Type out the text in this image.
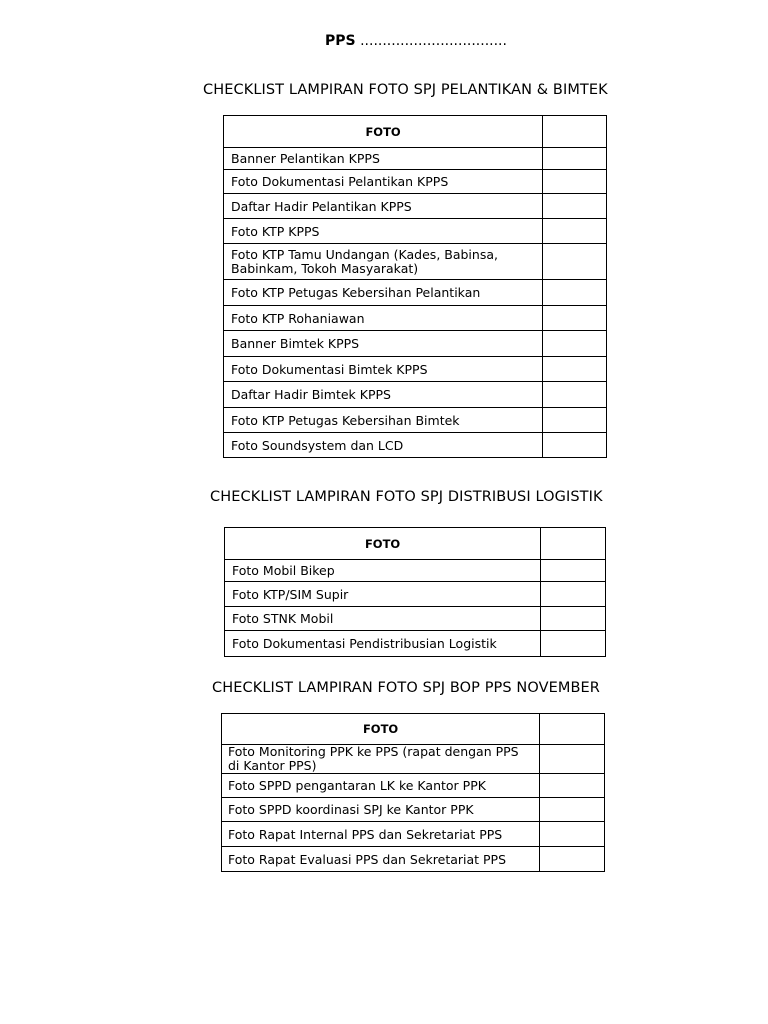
PPS .................................
CHECKLIST LAMPIRAN FOTO SPJ PELANTIKAN & BIMTEK
FOTO	
Banner Pelantikan KPPS	
Foto Dokumentasi Pelantikan KPPS	
Daftar Hadir Pelantikan KPPS	
Foto KTP KPPS	
Foto KTP Tamu Undangan (Kades, Babinsa, Babinkam, Tokoh Masyarakat)	
Foto KTP Petugas Kebersihan Pelantikan	
Foto KTP Rohaniawan	
Banner Bimtek KPPS	
Foto Dokumentasi Bimtek KPPS	
Daftar Hadir Bimtek KPPS	
Foto KTP Petugas Kebersihan Bimtek	
Foto Soundsystem dan LCD	
CHECKLIST LAMPIRAN FOTO SPJ DISTRIBUSI LOGISTIK
FOTO	
Foto Mobil Bikep	
Foto KTP/SIM Supir	
Foto STNK Mobil	
Foto Dokumentasi Pendistribusian Logistik	
CHECKLIST LAMPIRAN FOTO SPJ BOP PPS NOVEMBER
FOTO	
Foto Monitoring PPK ke PPS (rapat dengan PPS di Kantor PPS)	
Foto SPPD pengantaran LK ke Kantor PPK	
Foto SPPD koordinasi SPJ ke Kantor PPK	
Foto Rapat Internal PPS dan Sekretariat PPS	
Foto Rapat Evaluasi PPS dan Sekretariat PPS	
